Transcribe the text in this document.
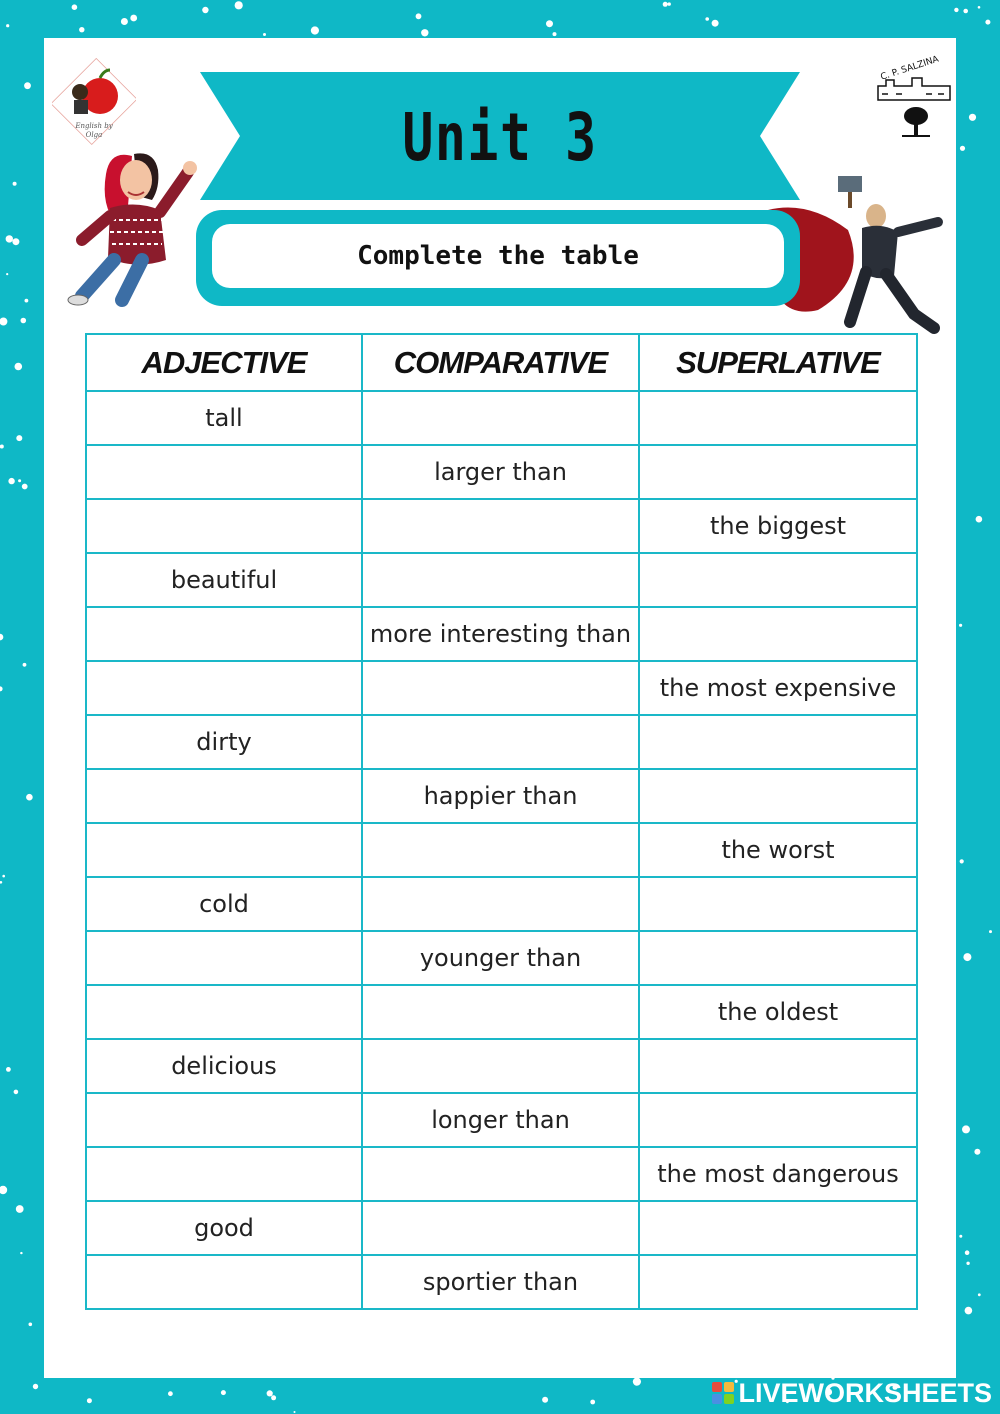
English by
Olga
C. P. SALZINA
Unit 3
Complete the table
ADJECTIVE	COMPARATIVE	SUPERLATIVE
tall		
	larger than	
		the biggest
beautiful		
	more interesting than	
		the most expensive
dirty		
	happier than	
		the worst
cold		
	younger than	
		the oldest
delicious		
	longer than	
		the most dangerous
good		
	sportier than	
LIVEWORKSHEETS
